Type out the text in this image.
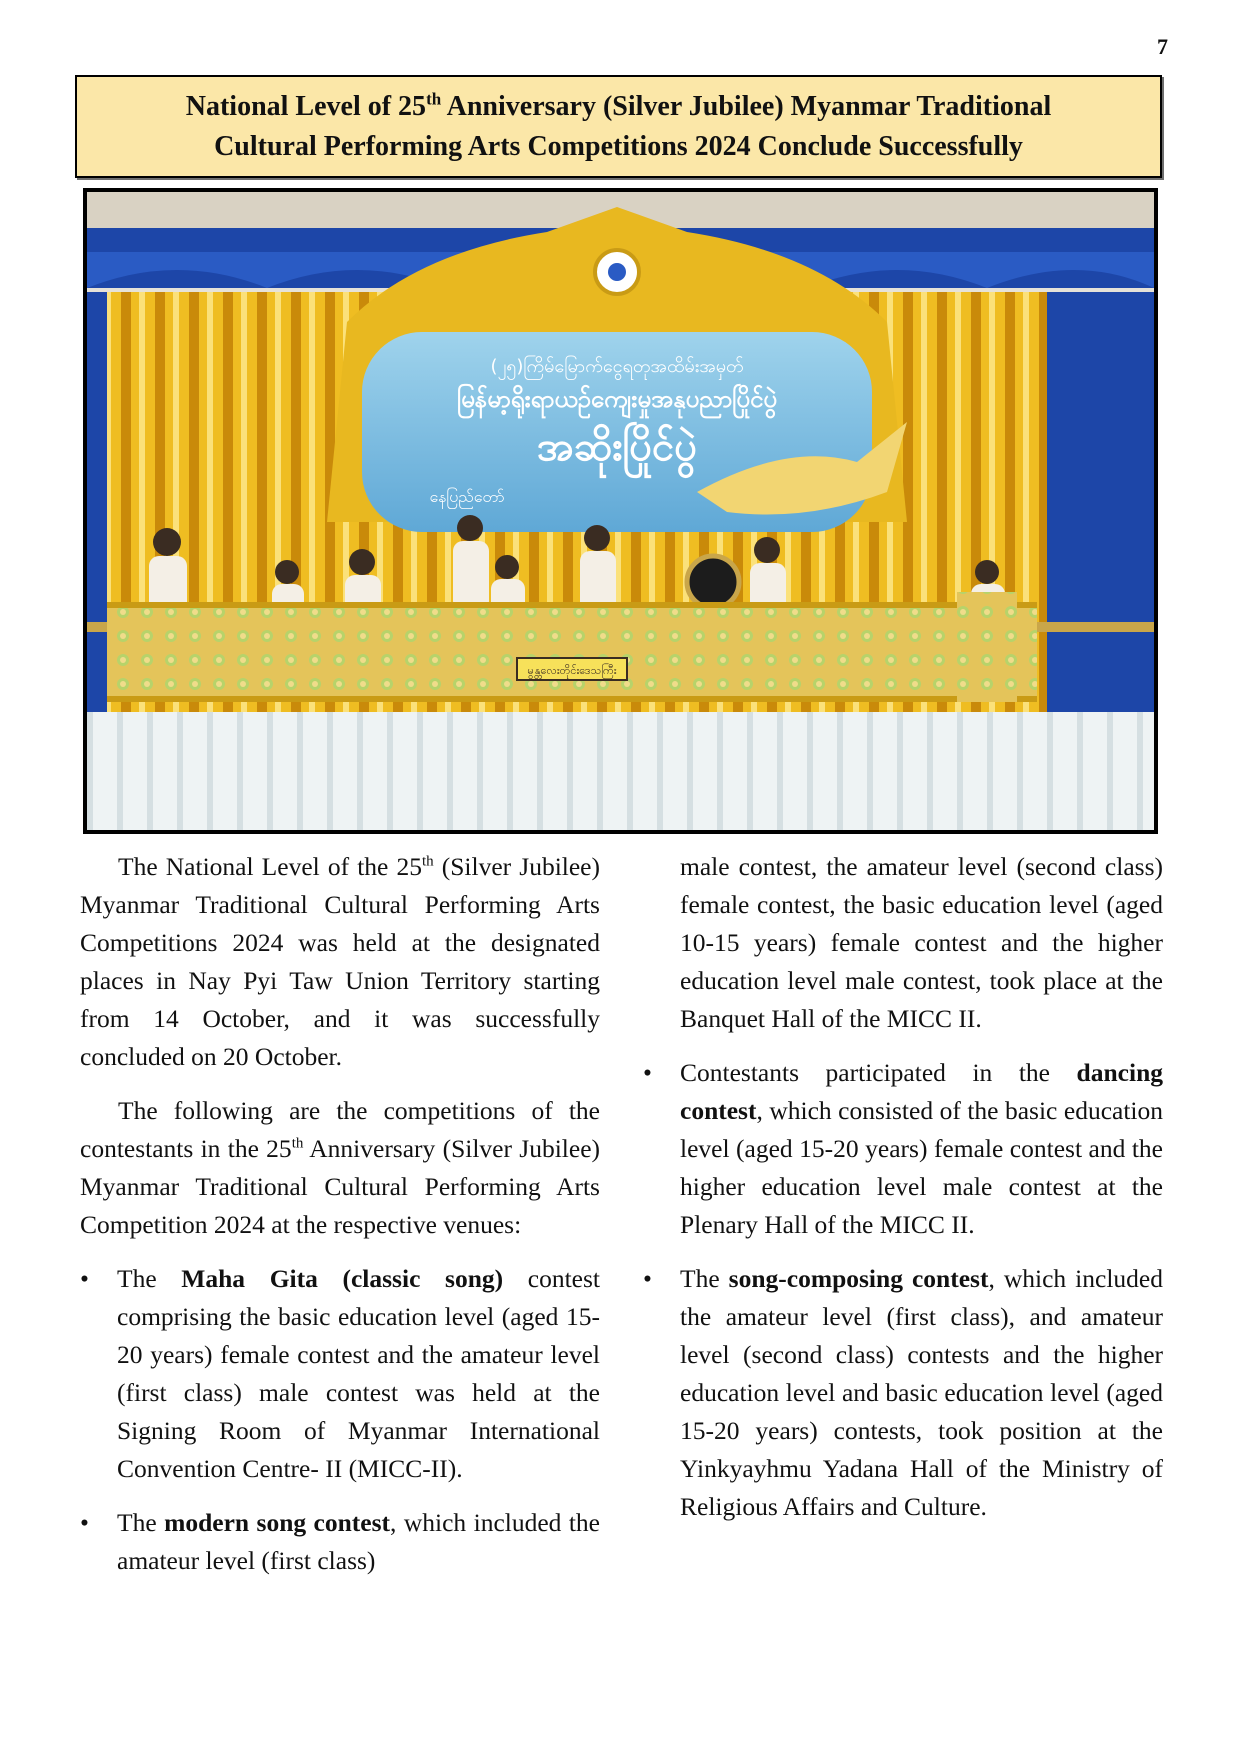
7
National Level of 25th Anniversary (Silver Jubilee) Myanmar Traditional
Cultural Performing Arts Competitions 2024 Conclude Successfully
(၂၅)ကြိမ်မြောက်ငွေရတုအထိမ်းအမှတ်
မြန်မာ့ရိုးရာယဉ်ကျေးမှုအနုပညာပြိုင်ပွဲ
အဆိုးပြိုင်ပွဲ
နေပြည်တော်
မွန္တလေးတိုင်းဒေသကြီး

The National Level of the 25th (Silver Jubilee) Myanmar Traditional Cultural Performing Arts Competitions 2024 was held at the designated places in Nay Pyi Taw Union Territory starting from 14 October, and it was successfully concluded on 20 October.

The following are the competitions of the contestants in the 25th Anniversary (Silver Jubilee) Myanmar Traditional Cultural Performing Arts Competition 2024 at the respective venues:

• The Maha Gita (classic song) contest comprising the basic education level (aged 15-20 years) female contest and the amateur level (first class) male contest was held at the Signing Room of Myanmar International Convention Centre- II (MICC-II).
• The modern song contest, which included the amateur level (first class)

male contest, the amateur level (second class) female contest, the basic education level (aged 10-15 years) female contest and the higher education level male contest, took place at the Banquet Hall of the MICC II.

• Contestants participated in the dancing contest, which consisted of the basic education level (aged 15-20 years) female contest and the higher education level male contest at the Plenary Hall of the MICC II.
• The song-composing contest, which included the amateur level (first class), and amateur level (second class) contests and the higher education level and basic education level (aged 15-20 years) contests, took position at the Yinkyayhmu Yadana Hall of the Ministry of Religious Affairs and Culture.
